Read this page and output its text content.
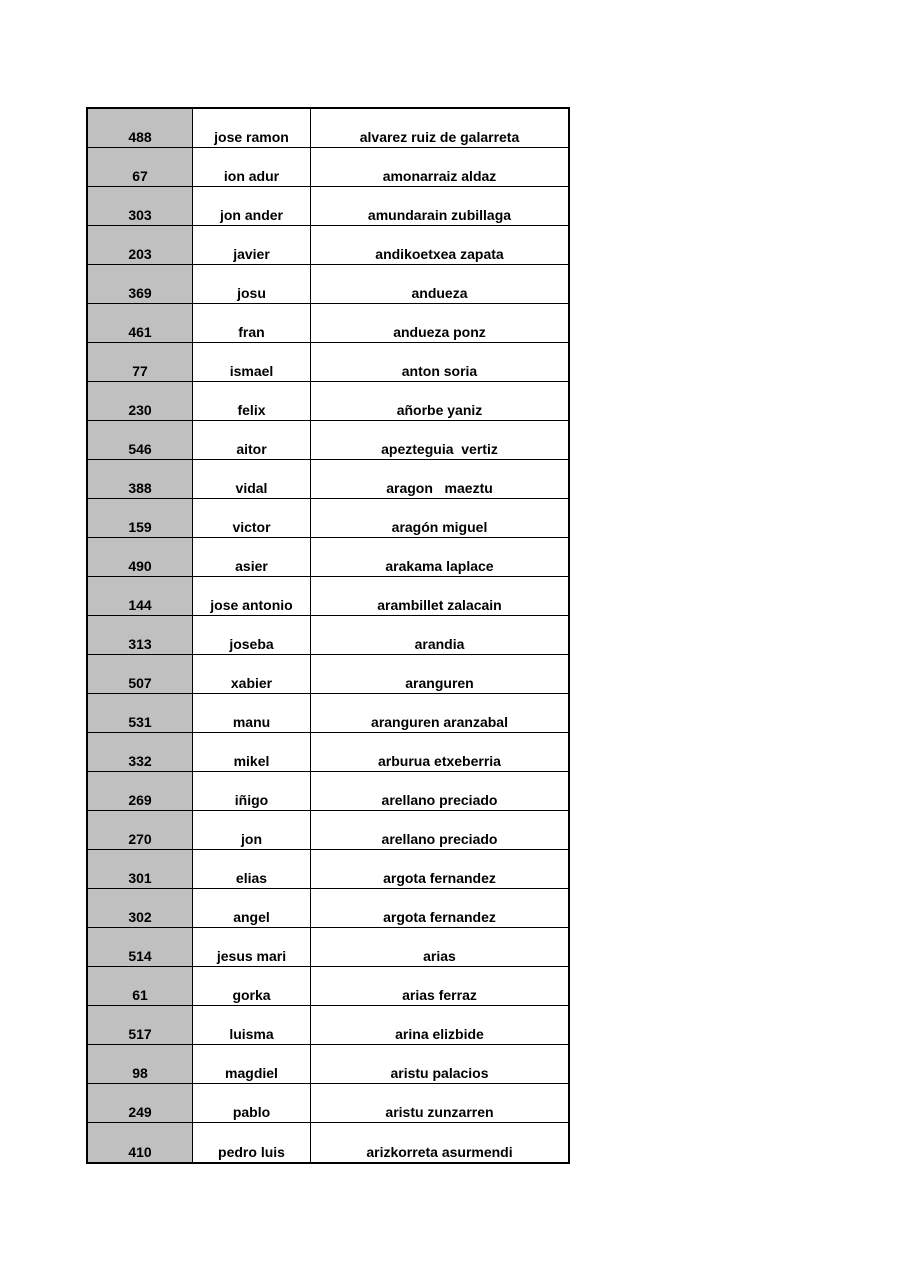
488	jose ramon	alvarez ruiz de galarreta
67	ion adur	amonarraiz aldaz
303	jon ander	amundarain zubillaga
203	javier	andikoetxea zapata
369	josu	andueza
461	fran	andueza ponz
77	ismael	anton soria
230	felix	añorbe yaniz
546	aitor	apezteguia  vertiz
388	vidal	aragon   maeztu
159	victor	aragón miguel
490	asier	arakama laplace
144	jose antonio	arambillet zalacain
313	joseba	arandia
507	xabier	aranguren
531	manu	aranguren aranzabal
332	mikel	arburua etxeberria
269	iñigo	arellano preciado
270	jon	arellano preciado
301	elias	argota fernandez
302	angel	argota fernandez
514	jesus mari	arias
61	gorka	arias ferraz
517	luisma	arina elizbide
98	magdiel	aristu palacios
249	pablo	aristu zunzarren
410	pedro luis	arizkorreta asurmendi
